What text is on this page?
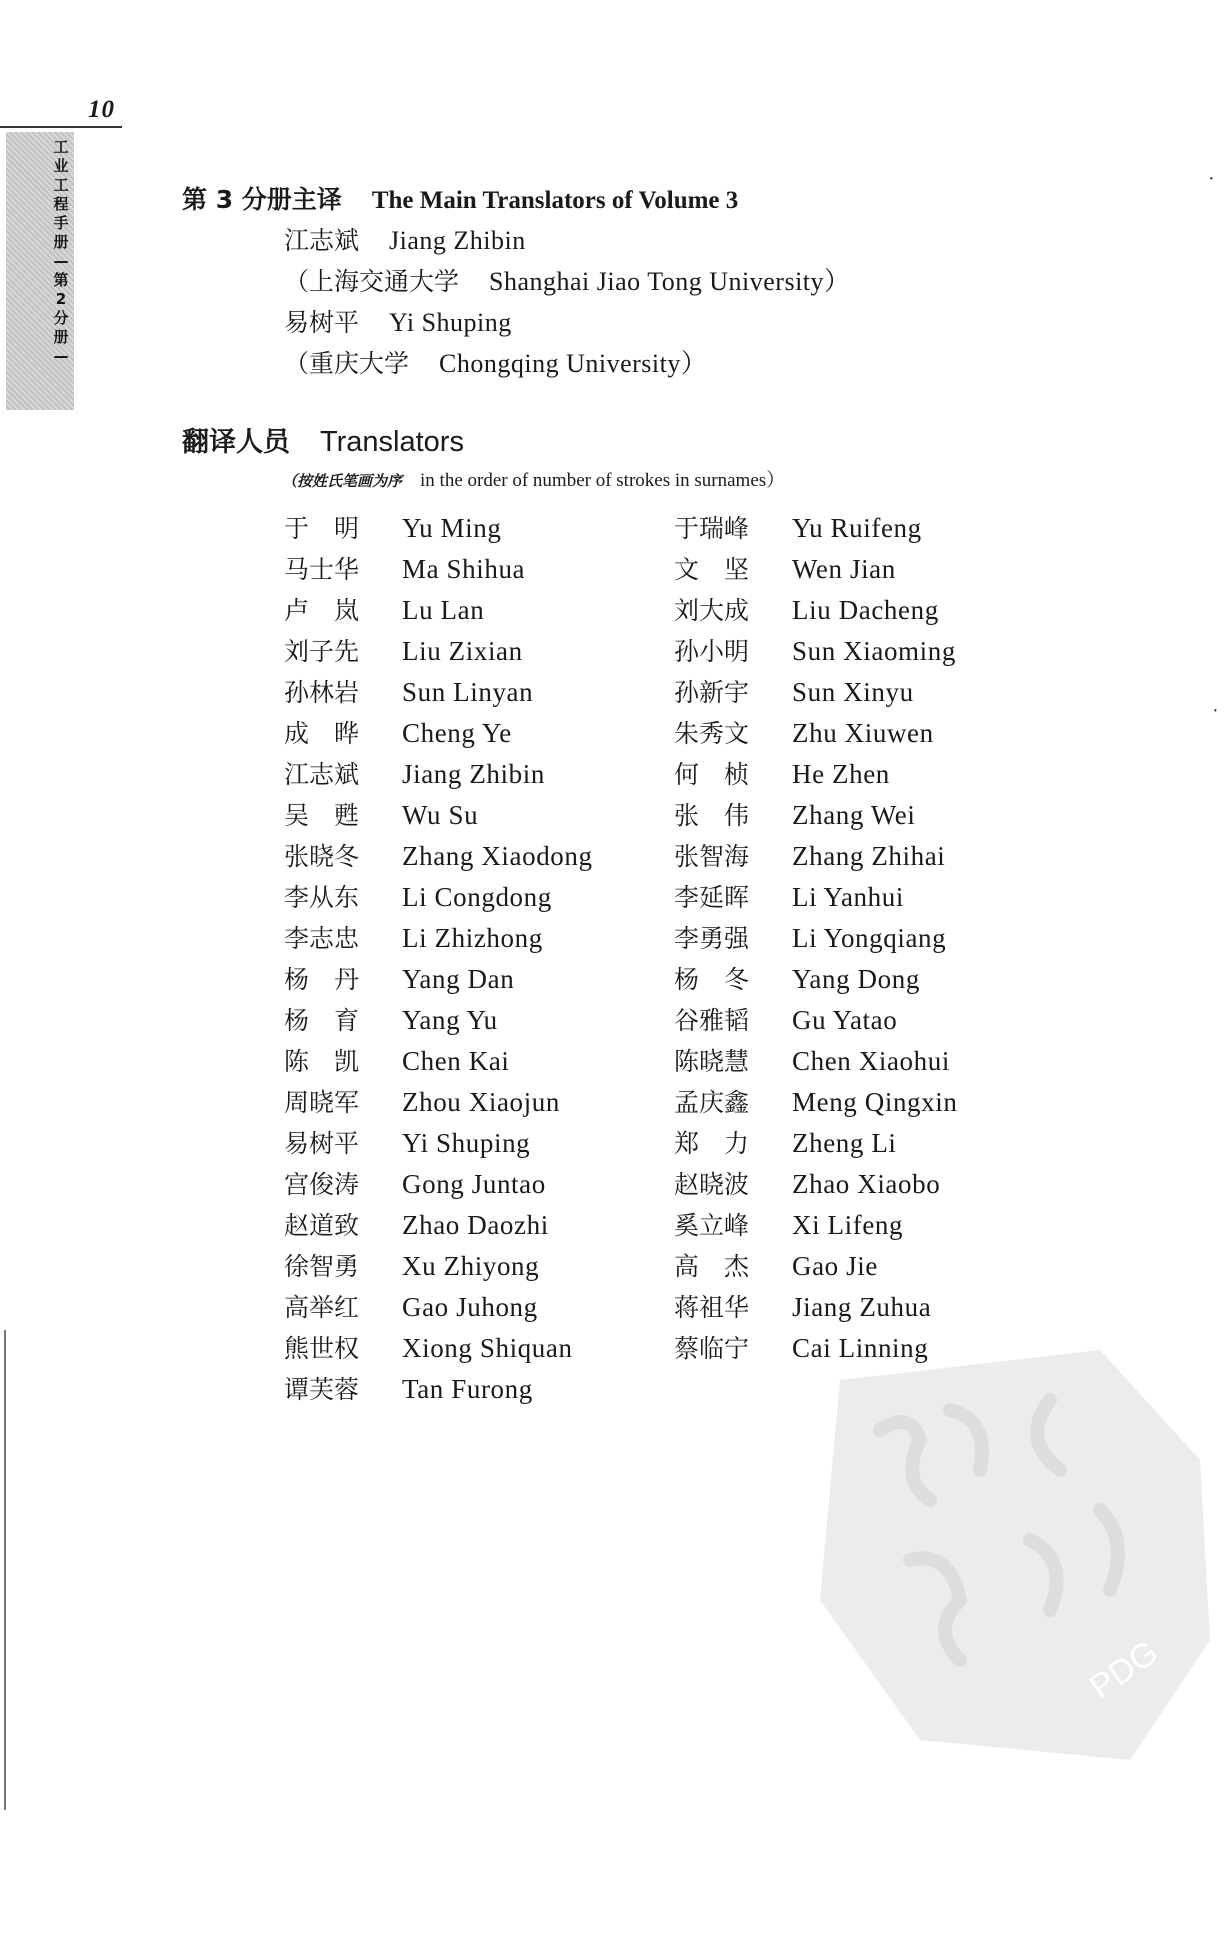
10
工业工程手册—第2分册—
第 3 分册主译 The Main Translators of Volume 3
江志斌 Jiang Zhibin
（上海交通大学 Shanghai Jiao Tong University）
易树平 Yi Shuping
（重庆大学 Chongqing University）
翻译人员 Translators
（按姓氏笔画为序 in the order of number of strokes in surnames）
于　明 Yu Ming
马士华 Ma Shihua
卢　岚 Lu Lan
刘子先 Liu Zixian
孙林岩 Sun Linyan
成　晔 Cheng Ye
江志斌 Jiang Zhibin
吴　甦 Wu Su
张晓冬 Zhang Xiaodong
李从东 Li Congdong
李志忠 Li Zhizhong
杨　丹 Yang Dan
杨　育 Yang Yu
陈　凯 Chen Kai
周晓军 Zhou Xiaojun
易树平 Yi Shuping
宫俊涛 Gong Juntao
赵道致 Zhao Daozhi
徐智勇 Xu Zhiyong
高举红 Gao Juhong
熊世权 Xiong Shiquan
谭芙蓉 Tan Furong
于瑞峰 Yu Ruifeng
文　坚 Wen Jian
刘大成 Liu Dacheng
孙小明 Sun Xiaoming
孙新宇 Sun Xinyu
朱秀文 Zhu Xiuwen
何　桢 He Zhen
张　伟 Zhang Wei
张智海 Zhang Zhihai
李延晖 Li Yanhui
李勇强 Li Yongqiang
杨　冬 Yang Dong
谷雅韬 Gu Yatao
陈晓慧 Chen Xiaohui
孟庆鑫 Meng Qingxin
郑　力 Zheng Li
赵晓波 Zhao Xiaobo
奚立峰 Xi Lifeng
高　杰 Gao Jie
蒋祖华 Jiang Zuhua
蔡临宁 Cai Linning
PDG
·
·
